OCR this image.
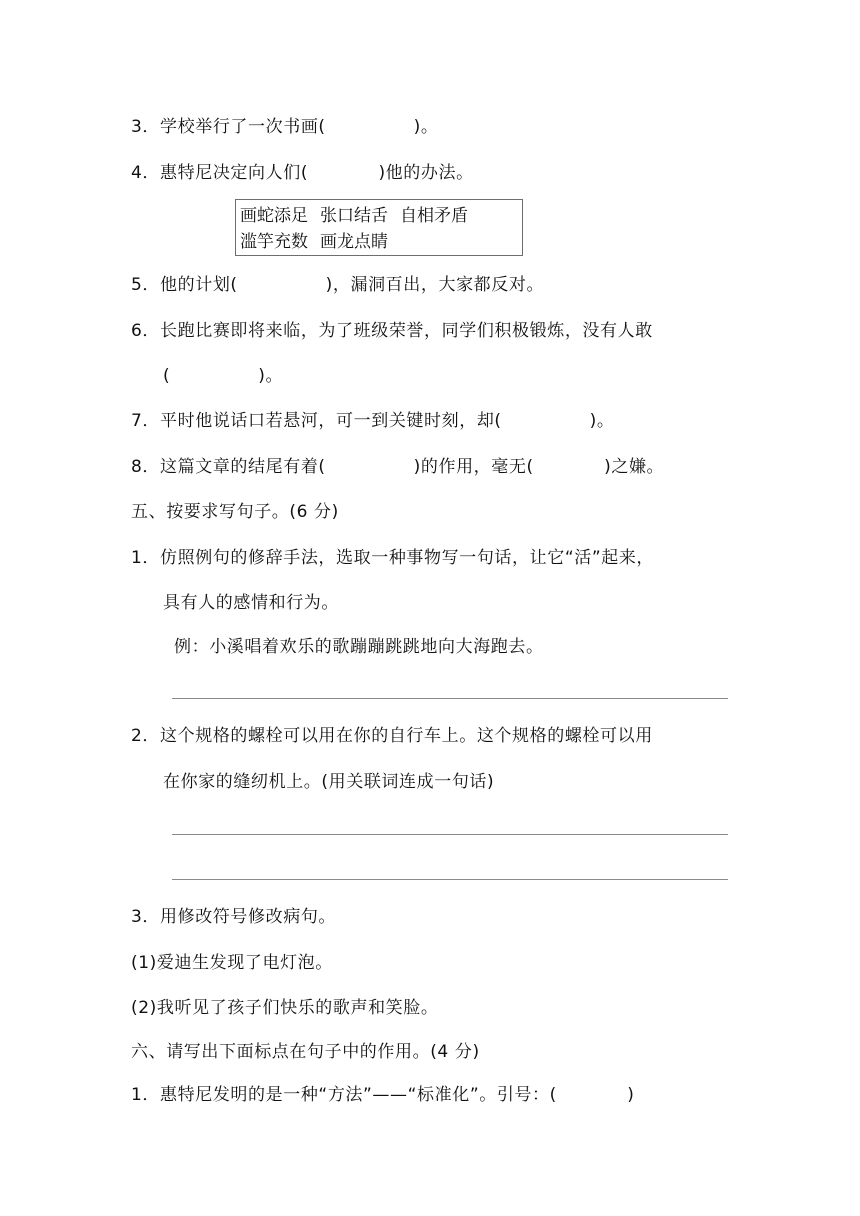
3．学校举行了一次书画(　　　　　)。
4．惠特尼决定向人们(　　　　)他的办法。
画蛇添足 张口结舌 自相矛盾
滥竽充数 画龙点睛
5．他的计划(　　　　　)，漏洞百出，大家都反对。
6．长跑比赛即将来临，为了班级荣誉，同学们积极锻炼，没有人敢
(　　　　　)。
7．平时他说话口若悬河，可一到关键时刻，却(　　　　　)。
8．这篇文章的结尾有着(　　　　　)的作用，毫无(　　　　)之嫌。
五、按要求写句子。(6 分)
1．仿照例句的修辞手法，选取一种事物写一句话，让它“活”起来，
具有人的感情和行为。
例：小溪唱着欢乐的歌蹦蹦跳跳地向大海跑去。
2．这个规格的螺栓可以用在你的自行车上。这个规格的螺栓可以用
在你家的缝纫机上。(用关联词连成一句话)
3．用修改符号修改病句。
(1)爱迪生发现了电灯泡。
(2)我听见了孩子们快乐的歌声和笑脸。
六、请写出下面标点在句子中的作用。(4 分)
1．惠特尼发明的是一种“方法”——“标准化”。引号：(　　　　)
